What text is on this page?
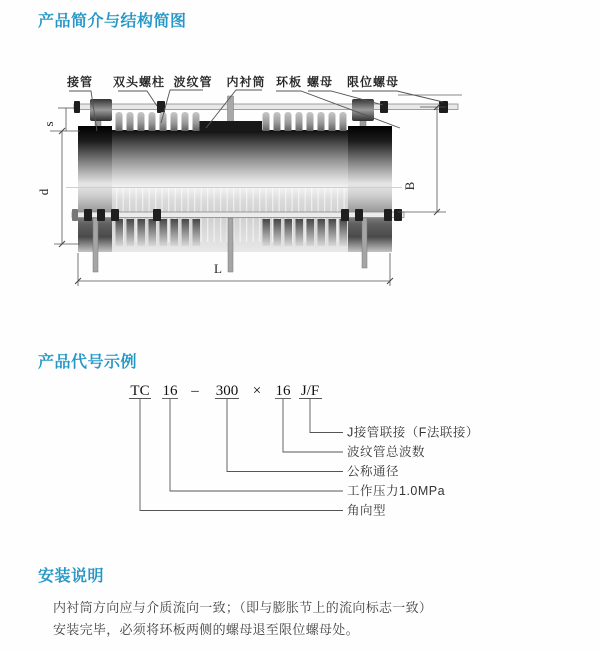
产品简介与结构简图
接管 双头螺柱 波纹管 内衬筒 环板 螺母 限位螺母
s
d
B
L
TC 16 – 300 × 16 J/F
J接管联接（F法联接）
波纹管总波数
公称通径
工作压力1.0MPa
角向型
产品代号示例
安装说明
内衬筒方向应与介质流向一致；（即与膨胀节上的流向标志一致）
安装完毕，必须将环板两侧的螺母退至限位螺母处。
